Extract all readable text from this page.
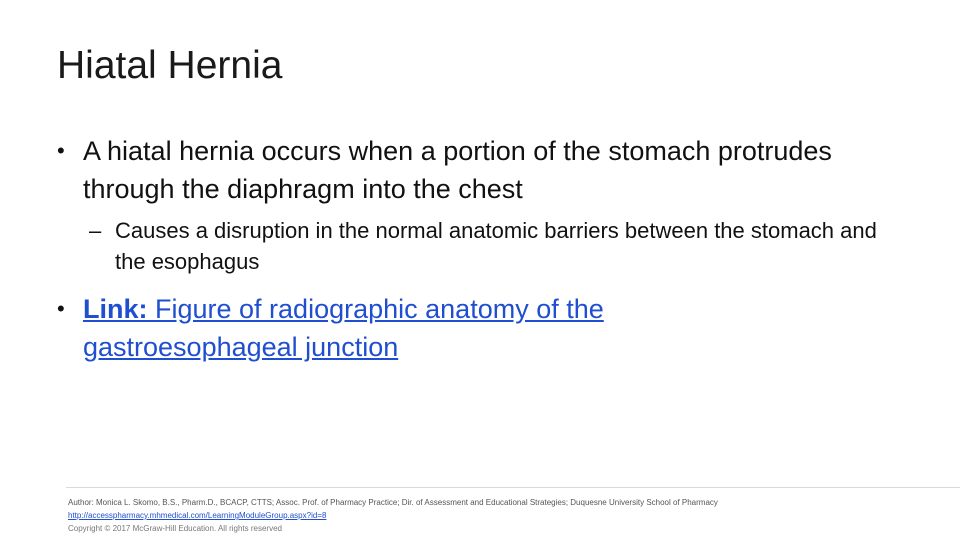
Hiatal Hernia
• A hiatal hernia occurs when a portion of the stomach protrudes through the diaphragm into the chest
– Causes a disruption in the normal anatomic barriers between the stomach and the esophagus
• Link: Figure of radiographic anatomy of the gastroesophageal junction
Author: Monica L. Skomo, B.S., Pharm.D., BCACP, CTTS; Assoc. Prof. of Pharmacy Practice; Dir. of Assessment and Educational Strategies; Duquesne University School of Pharmacy
http://accesspharmacy.mhmedical.com/LearningModuleGroup.aspx?id=8
Copyright © 2017 McGraw-Hill Education. All rights reserved
